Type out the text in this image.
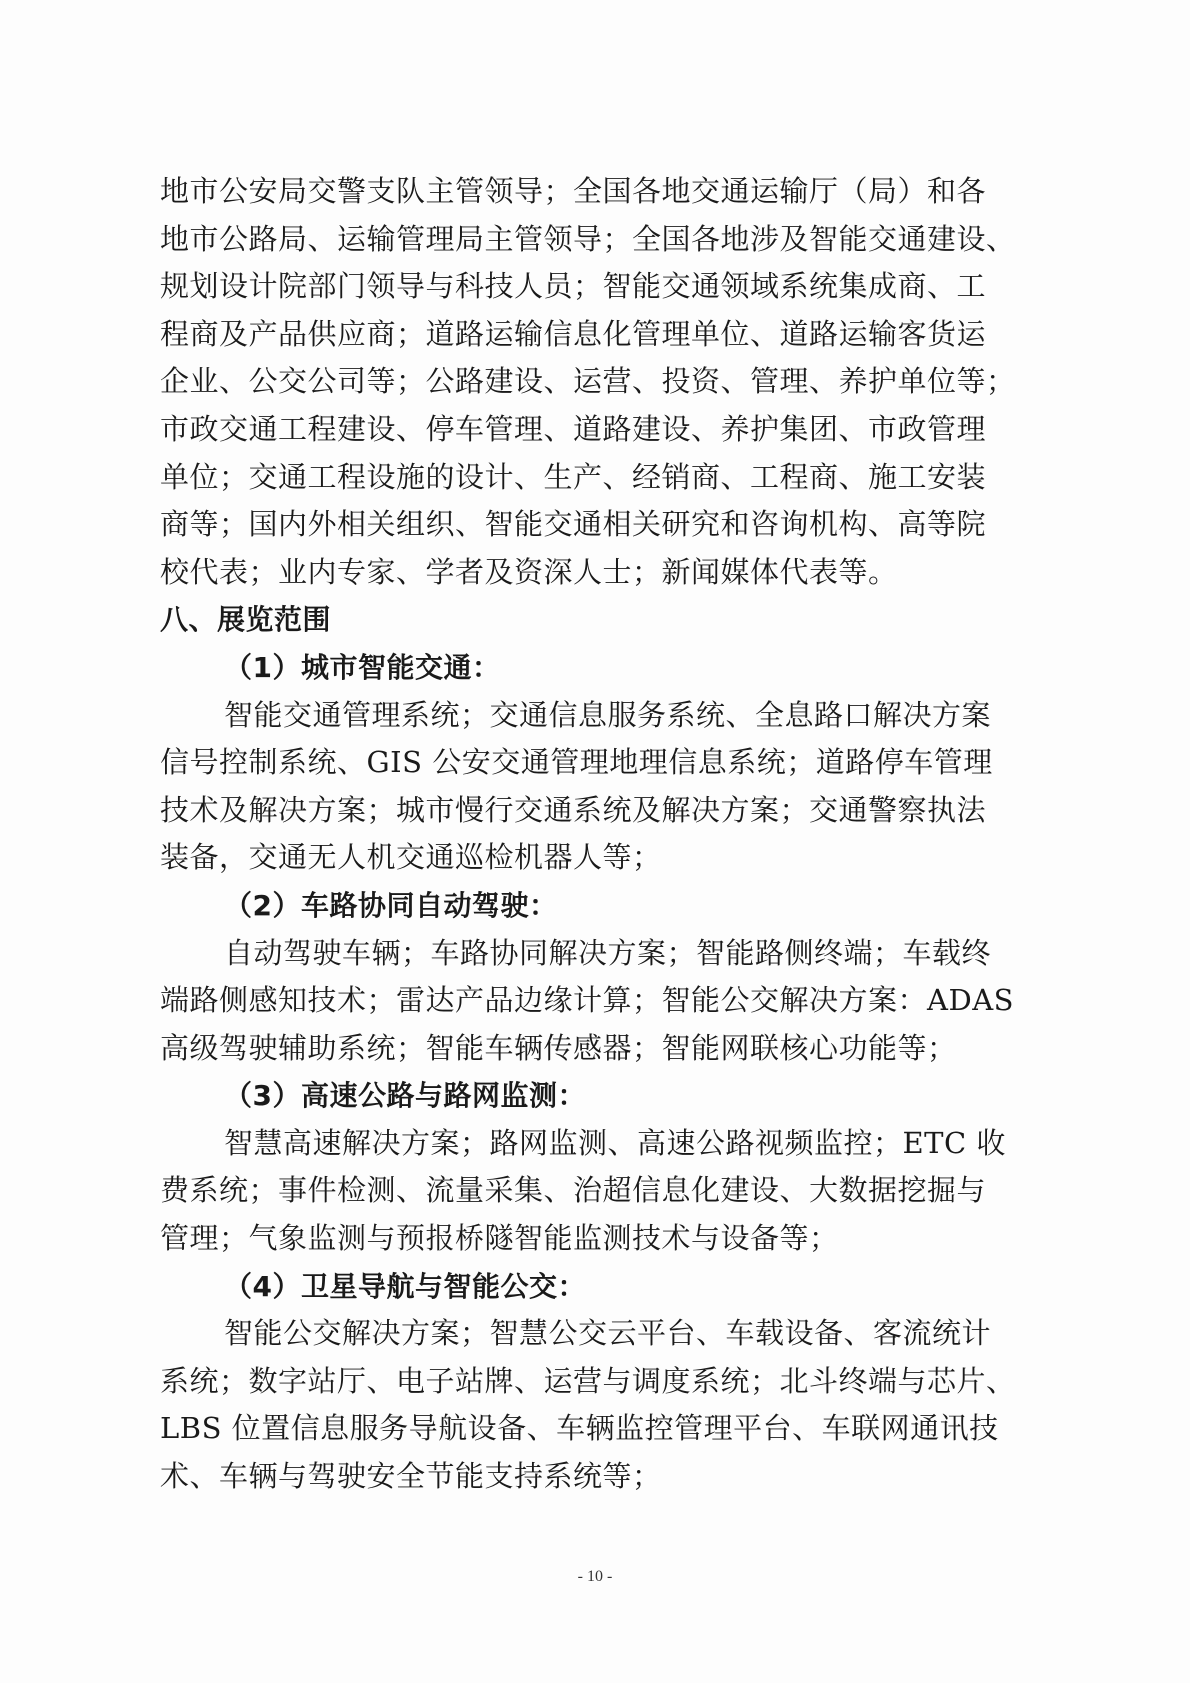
地市公安局交警支队主管领导；全国各地交通运输厅（局）和各
地市公路局、运输管理局主管领导；全国各地涉及智能交通建设、
规划设计院部门领导与科技人员；智能交通领域系统集成商、工
程商及产品供应商；道路运输信息化管理单位、道路运输客货运
企业、公交公司等；公路建设、运营、投资、管理、养护单位等；
市政交通工程建设、停车管理、道路建设、养护集团、市政管理
单位；交通工程设施的设计、生产、经销商、工程商、施工安装
商等；国内外相关组织、智能交通相关研究和咨询机构、高等院
校代表；业内专家、学者及资深人士；新闻媒体代表等。
八、展览范围
（1）城市智能交通：
智能交通管理系统；交通信息服务系统、全息路口解决方案
信号控制系统、GIS 公安交通管理地理信息系统；道路停车管理
技术及解决方案；城市慢行交通系统及解决方案；交通警察执法
装备，交通无人机交通巡检机器人等；
（2）车路协同自动驾驶：
自动驾驶车辆；车路协同解决方案；智能路侧终端；车载终
端路侧感知技术；雷达产品边缘计算；智能公交解决方案：ADAS
高级驾驶辅助系统；智能车辆传感器；智能网联核心功能等；
（3）高速公路与路网监测：
智慧高速解决方案；路网监测、高速公路视频监控；ETC 收
费系统；事件检测、流量采集、治超信息化建设、大数据挖掘与
管理；气象监测与预报桥隧智能监测技术与设备等；
（4）卫星导航与智能公交：
智能公交解决方案；智慧公交云平台、车载设备、客流统计
系统；数字站厅、电子站牌、运营与调度系统；北斗终端与芯片、
LBS 位置信息服务导航设备、车辆监控管理平台、车联网通讯技
术、车辆与驾驶安全节能支持系统等；
- 10 -
